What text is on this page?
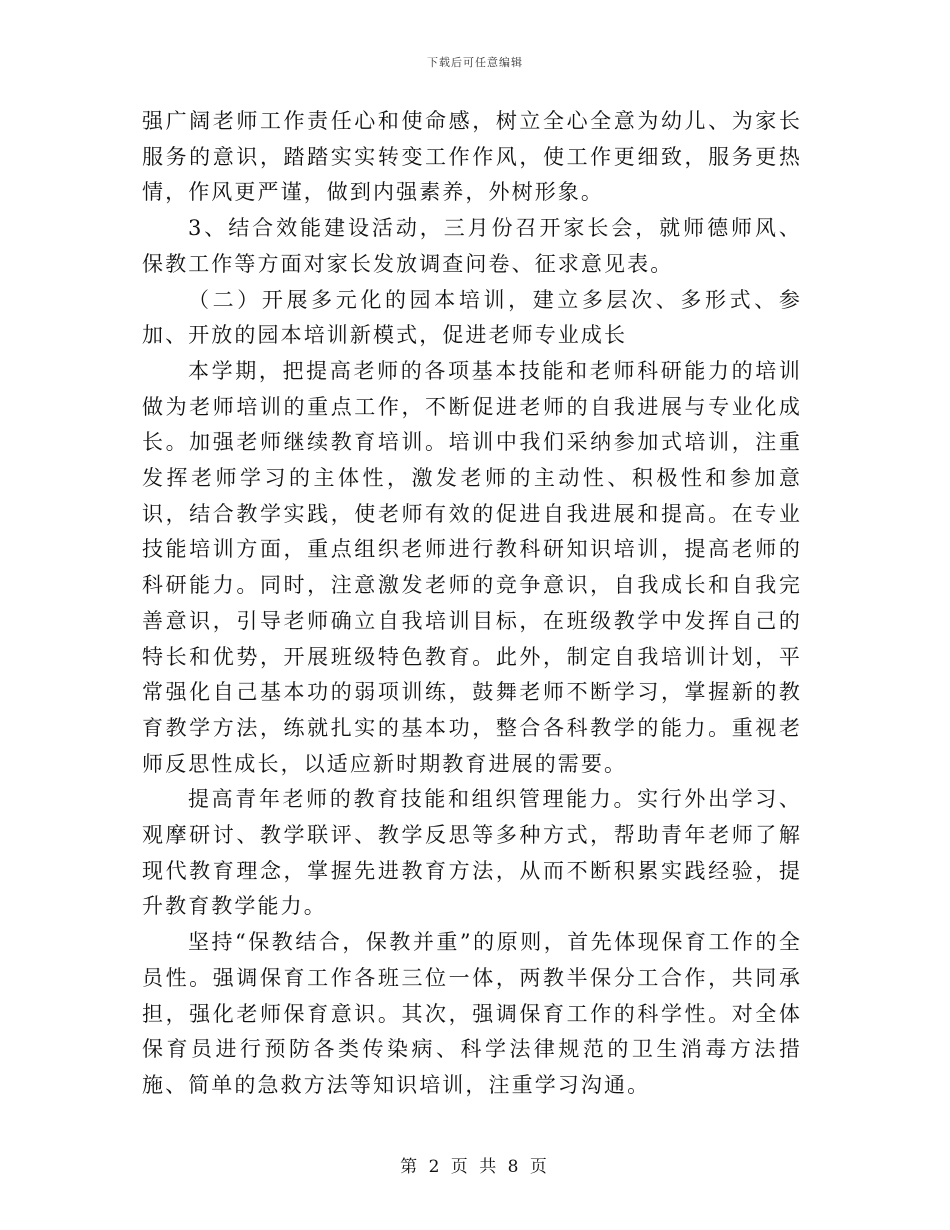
下载后可任意编辑

强广阔老师工作责任心和使命感，树立全心全意为幼儿、为家长服务的意识，踏踏实实转变工作作风，使工作更细致，服务更热情，作风更严谨，做到内强素养，外树形象。

3、结合效能建设活动，三月份召开家长会，就师德师风、保教工作等方面对家长发放调查问卷、征求意见表。

（二）开展多元化的园本培训，建立多层次、多形式、参加、开放的园本培训新模式，促进老师专业成长

本学期，把提高老师的各项基本技能和老师科研能力的培训做为老师培训的重点工作，不断促进老师的自我进展与专业化成长。加强老师继续教育培训。培训中我们采纳参加式培训，注重发挥老师学习的主体性，激发老师的主动性、积极性和参加意识，结合教学实践，使老师有效的促进自我进展和提高。在专业技能培训方面，重点组织老师进行教科研知识培训，提高老师的科研能力。同时，注意激发老师的竞争意识，自我成长和自我完善意识，引导老师确立自我培训目标，在班级教学中发挥自己的特长和优势，开展班级特色教育。此外，制定自我培训计划，平常强化自己基本功的弱项训练，鼓舞老师不断学习，掌握新的教育教学方法，练就扎实的基本功，整合各科教学的能力。重视老师反思性成长，以适应新时期教育进展的需要。

提高青年老师的教育技能和组织管理能力。实行外出学习、观摩研讨、教学联评、教学反思等多种方式，帮助青年老师了解现代教育理念，掌握先进教育方法，从而不断积累实践经验，提升教育教学能力。

坚持“保教结合，保教并重”的原则，首先体现保育工作的全员性。强调保育工作各班三位一体，两教半保分工合作，共同承担，强化老师保育意识。其次，强调保育工作的科学性。对全体保育员进行预防各类传染病、科学法律规范的卫生消毒方法措施、简单的急救方法等知识培训，注重学习沟通。

第 2 页 共 8 页
